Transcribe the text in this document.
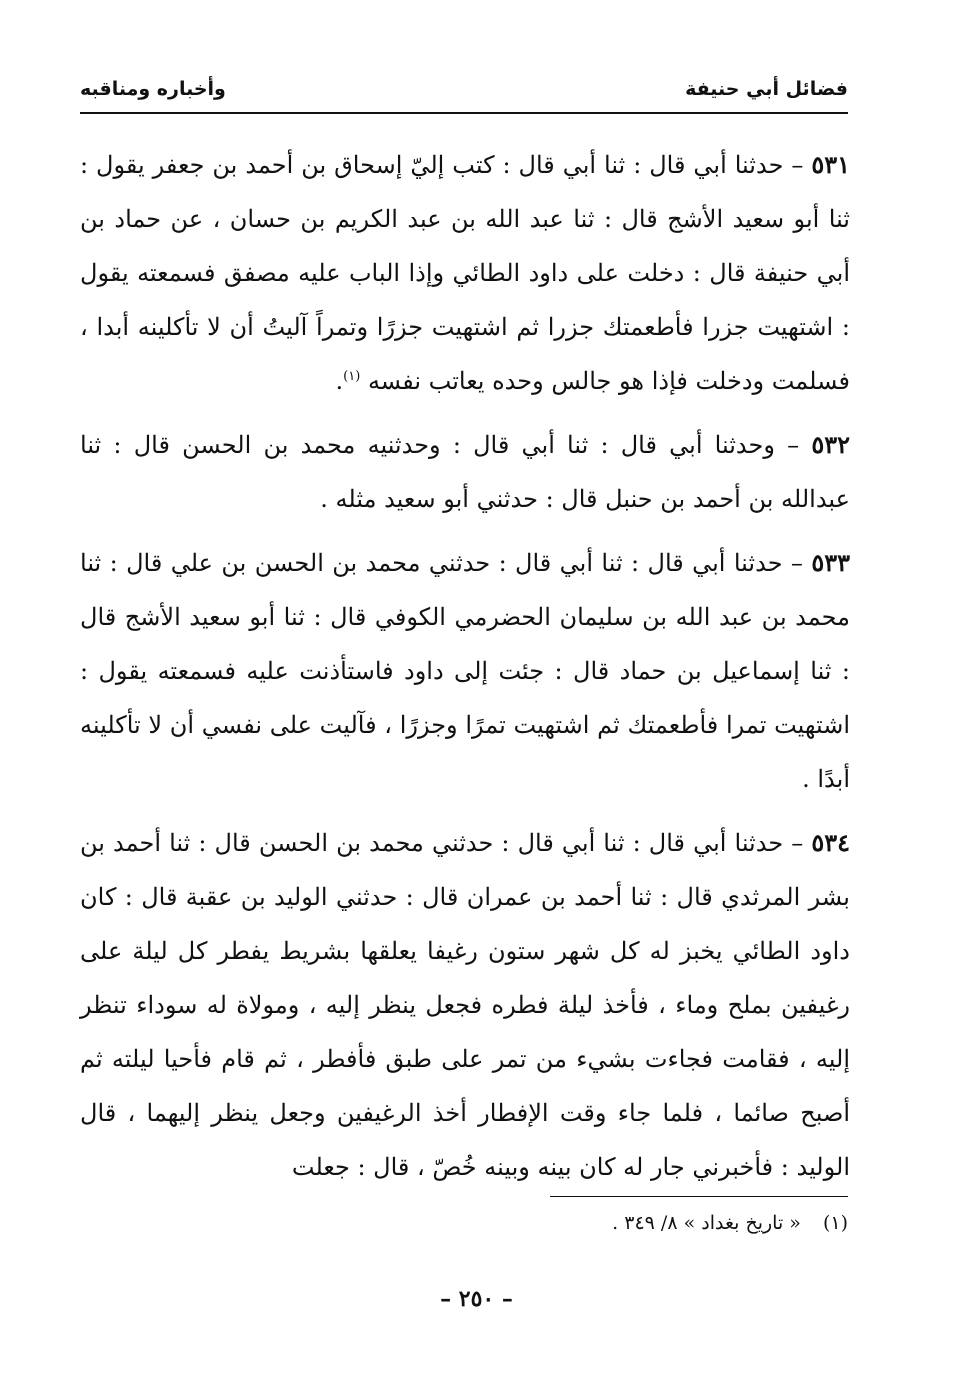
فضائل أبي حنيفة
وأخباره ومناقبه

٥٣١ – حدثنا أبي قال : ثنا أبي قال : كتب إليّ إسحاق بن أحمد بن جعفر يقول : ثنا أبو سعيد الأشج قال : ثنا عبد الله بن عبد الكريم بن حسان ، عن حماد بن أبي حنيفة قال : دخلت على داود الطائي وإذا الباب عليه مصفق فسمعته يقول : اشتهيت جزرا فأطعمتك جزرا ثم اشتهيت جزرًا وتمراً آليتُ أن لا تأكلينه أبدا ، فسلمت ودخلت فإذا هو جالس وحده يعاتب نفسه $^{(١)}$.

٥٣٢ – وحدثنا أبي قال : ثنا أبي قال : وحدثنيه محمد بن الحسن قال : ثنا عبدالله بن أحمد بن حنبل قال : حدثني أبو سعيد مثله .

٥٣٣ – حدثنا أبي قال : ثنا أبي قال : حدثني محمد بن الحسن بن علي قال : ثنا محمد بن عبد الله بن سليمان الحضرمي الكوفي قال : ثنا أبو سعيد الأشج قال : ثنا إسماعيل بن حماد قال : جئت إلى داود فاستأذنت عليه فسمعته يقول : اشتهيت تمرا فأطعمتك ثم اشتهيت تمرًا وجزرًا ، فآليت على نفسي أن لا تأكلينه أبدًا .

٥٣٤ – حدثنا أبي قال : ثنا أبي قال : حدثني محمد بن الحسن قال : ثنا أحمد بن بشر المرثدي قال : ثنا أحمد بن عمران قال : حدثني الوليد بن عقبة قال : كان داود الطائي يخبز له كل شهر ستون رغيفا يعلقها بشريط يفطر كل ليلة على رغيفين بملح وماء ، فأخذ ليلة فطره فجعل ينظر إليه ، ومولاة له سوداء تنظر إليه ، فقامت فجاءت بشيء من تمر على طبق فأفطر ، ثم قام فأحيا ليلته ثم أصبح صائما ، فلما جاء وقت الإفطار أخذ الرغيفين وجعل ينظر إليهما ، قال الوليد : فأخبرني جار له كان بينه وبينه خُصّ ، قال : جعلت

(١)« تاريخ بغداد » ٨/ ٣٤٩ .
– ٢٥٠ –
